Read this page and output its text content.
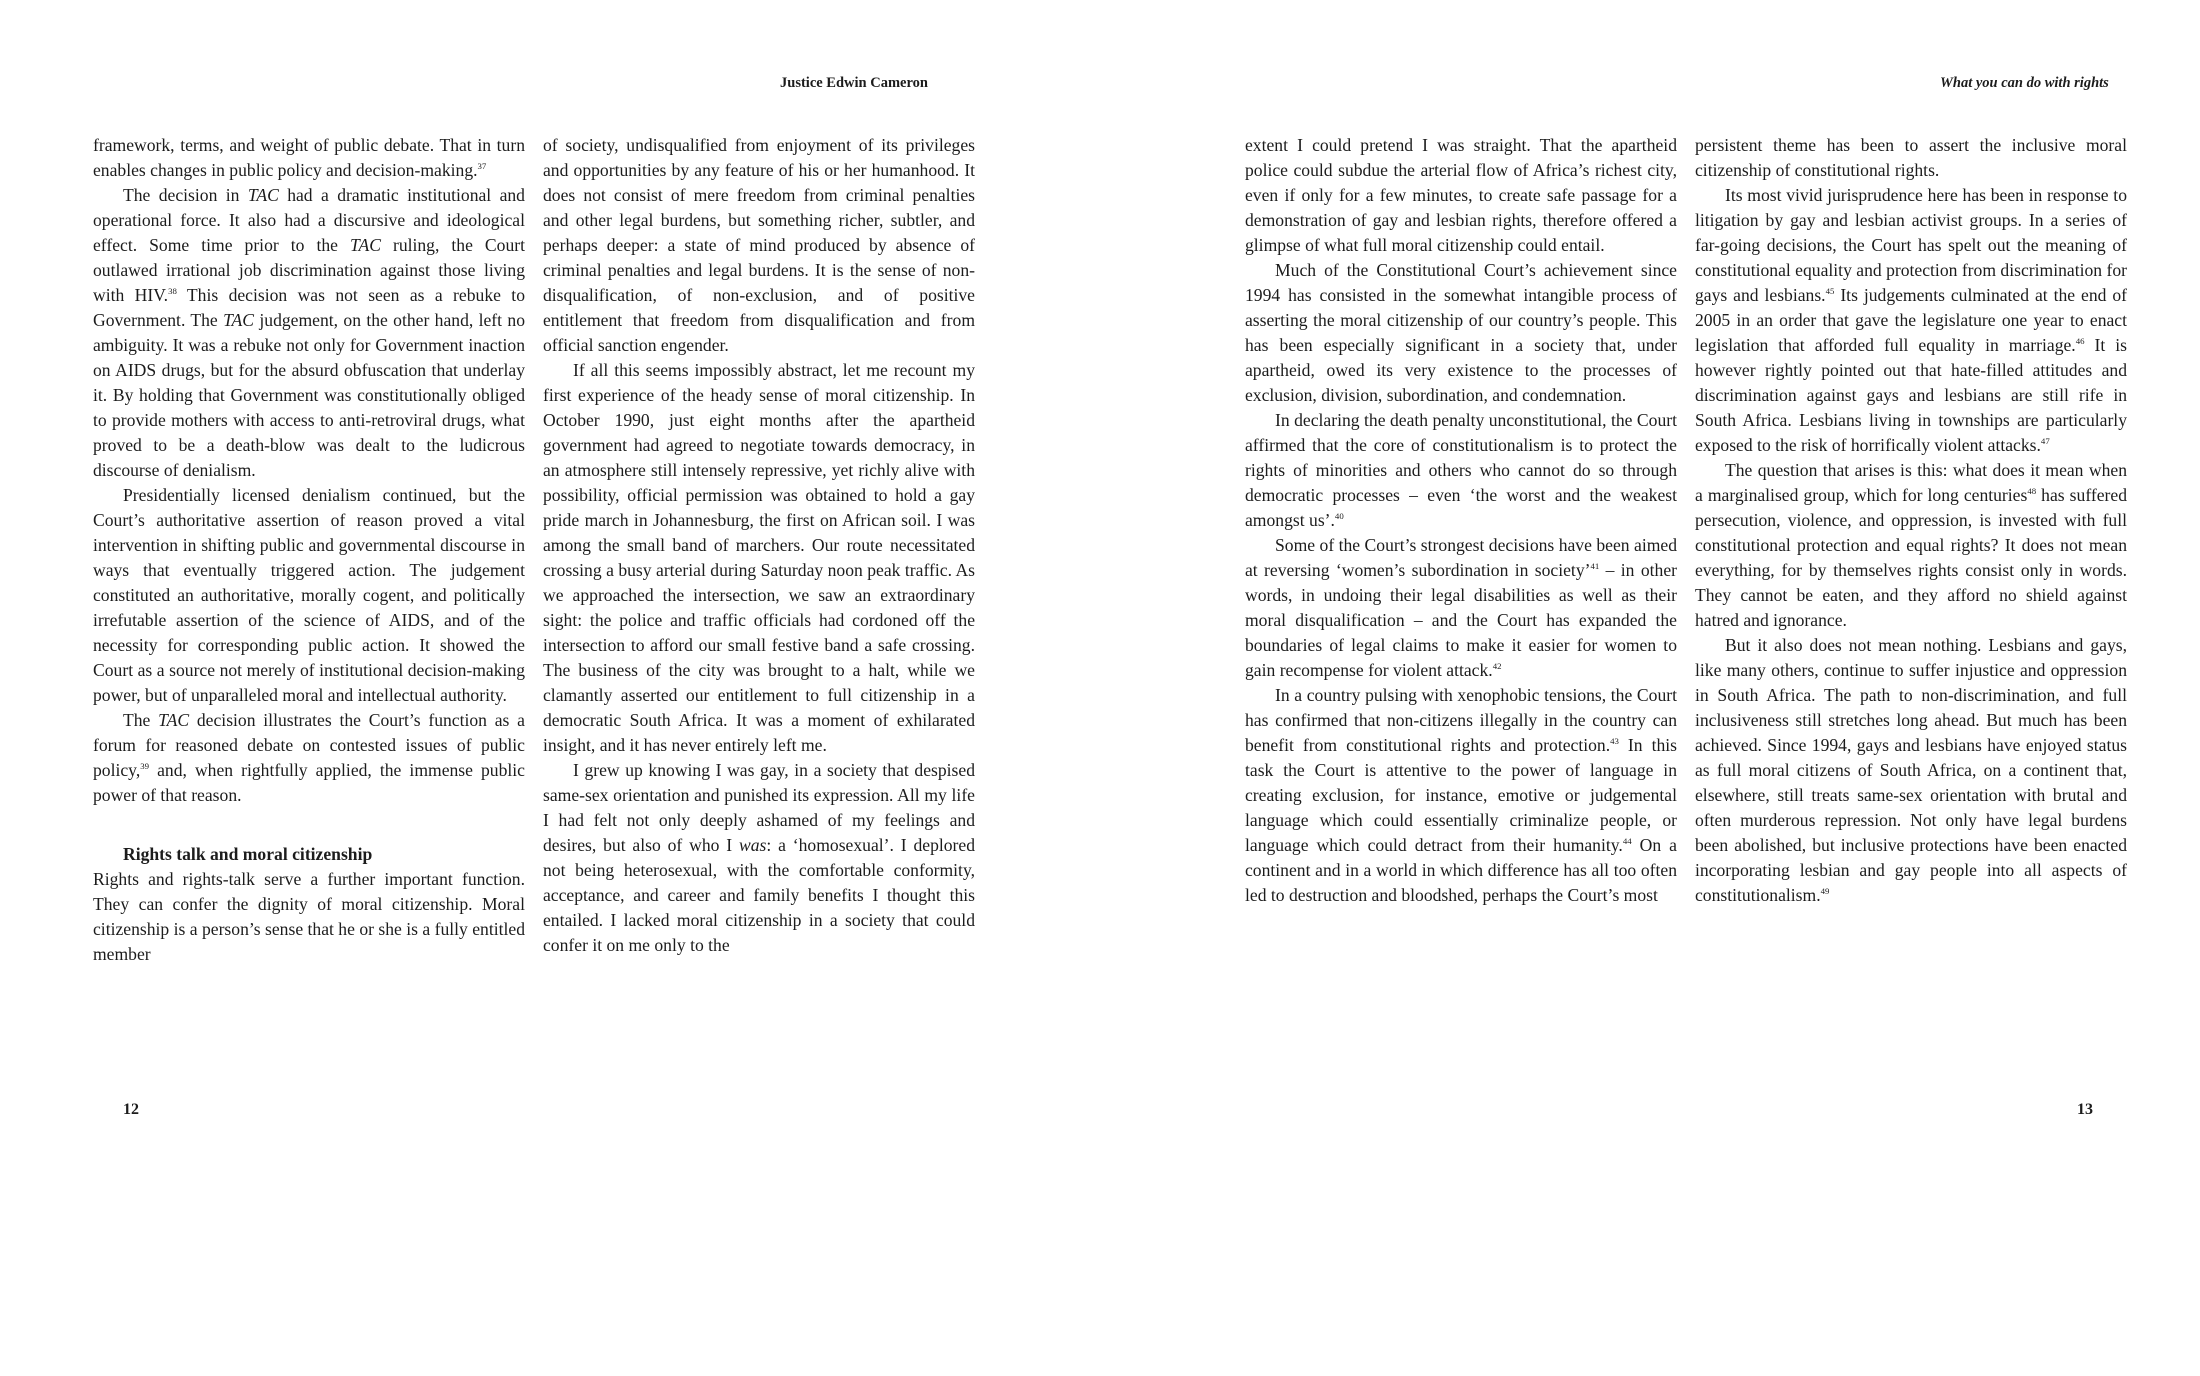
Justice Edwin Cameron

framework, terms, and weight of public debate. That in turn enables changes in public policy and decision-making.$^{37}$

The decision in TAC had a dramatic institutional and operational force. It also had a discursive and ideological effect. Some time prior to the TAC ruling, the Court outlawed irrational job discrimination against those living with HIV.$^{38}$ This decision was not seen as a rebuke to Government. The TAC judgement, on the other hand, left no ambiguity. It was a rebuke not only for Government inaction on AIDS drugs, but for the absurd obfuscation that underlay it. By holding that Government was constitutionally obliged to provide mothers with access to anti-retroviral drugs, what proved to be a death-blow was dealt to the ludicrous discourse of denialism.

Presidentially licensed denialism continued, but the Court’s authoritative assertion of reason proved a vital intervention in shifting public and governmental discourse in ways that eventually triggered action. The judgement constituted an authoritative, morally cogent, and politically irrefutable assertion of the science of AIDS, and of the necessity for corresponding public action. It showed the Court as a source not merely of institutional decision-making power, but of unparalleled moral and intellectual authority.

The TAC decision illustrates the Court’s function as a forum for reasoned debate on contested issues of public policy,$^{39}$ and, when rightfully applied, the immense public power of that reason.

Rights talk and moral citizenship

Rights and rights-talk serve a further important function. They can confer the dignity of moral citizenship. Moral citizenship is a person’s sense that he or she is a fully entitled member

of society, undisqualified from enjoyment of its privileges and opportunities by any feature of his or her humanhood. It does not consist of mere freedom from criminal penalties and other legal burdens, but something richer, subtler, and perhaps deeper: a state of mind produced by absence of criminal penalties and legal burdens. It is the sense of non-disqualification, of non-exclusion, and of positive entitlement that freedom from disqualification and from official sanction engender.

If all this seems impossibly abstract, let me recount my first experience of the heady sense of moral citizenship. In October 1990, just eight months after the apartheid government had agreed to negotiate towards democracy, in an atmosphere still intensely repressive, yet richly alive with possibility, official permission was obtained to hold a gay pride march in Johannesburg, the first on African soil. I was among the small band of marchers. Our route necessitated crossing a busy arterial during Saturday noon peak traffic. As we approached the intersection, we saw an extraordinary sight: the police and traffic officials had cordoned off the intersection to afford our small festive band a safe crossing. The business of the city was brought to a halt, while we clamantly asserted our entitlement to full citizenship in a democratic South Africa. It was a moment of exhilarated insight, and it has never entirely left me.

I grew up knowing I was gay, in a society that despised same-sex orientation and punished its expression. All my life I had felt not only deeply ashamed of my feelings and desires, but also of who I was: a ‘homosexual’. I deplored not being heterosexual, with the comfortable conformity, acceptance, and career and family benefits I thought this entailed. I lacked moral citizenship in a society that could confer it on me only to the

12
What you can do with rights

extent I could pretend I was straight. That the apartheid police could subdue the arterial flow of Africa’s richest city, even if only for a few minutes, to create safe passage for a demonstration of gay and lesbian rights, therefore offered a glimpse of what full moral citizenship could entail.

Much of the Constitutional Court’s achievement since 1994 has consisted in the somewhat intangible process of asserting the moral citizenship of our country’s people. This has been especially significant in a society that, under apartheid, owed its very existence to the processes of exclusion, division, subordination, and condemnation.

In declaring the death penalty unconstitutional, the Court affirmed that the core of constitutionalism is to protect the rights of minorities and others who cannot do so through democratic processes – even ‘the worst and the weakest amongst us’.$^{40}$

Some of the Court’s strongest decisions have been aimed at reversing ‘women’s subordination in society’$^{41}$ – in other words, in undoing their legal disabilities as well as their moral disqualification – and the Court has expanded the boundaries of legal claims to make it easier for women to gain recompense for violent attack.$^{42}$

In a country pulsing with xenophobic tensions, the Court has confirmed that non-citizens illegally in the country can benefit from constitutional rights and protection.$^{43}$ In this task the Court is attentive to the power of language in creating exclusion, for instance, emotive or judgemental language which could essentially criminalize people, or language which could detract from their humanity.$^{44}$ On a continent and in a world in which difference has all too often led to destruction and bloodshed, perhaps the Court’s most

persistent theme has been to assert the inclusive moral citizenship of constitutional rights.

Its most vivid jurisprudence here has been in response to litigation by gay and lesbian activist groups. In a series of far-going decisions, the Court has spelt out the meaning of constitutional equality and protection from discrimination for gays and lesbians.$^{45}$ Its judgements culminated at the end of 2005 in an order that gave the legislature one year to enact legislation that afforded full equality in marriage.$^{46}$ It is however rightly pointed out that hate-filled attitudes and discrimination against gays and lesbians are still rife in South Africa. Lesbians living in townships are particularly exposed to the risk of horrifically violent attacks.$^{47}$

The question that arises is this: what does it mean when a marginalised group, which for long centuries$^{48}$ has suffered persecution, violence, and oppression, is invested with full constitutional protection and equal rights? It does not mean everything, for by themselves rights consist only in words. They cannot be eaten, and they afford no shield against hatred and ignorance.

But it also does not mean nothing. Lesbians and gays, like many others, continue to suffer injustice and oppression in South Africa. The path to non-discrimination, and full inclusiveness still stretches long ahead. But much has been achieved. Since 1994, gays and lesbians have enjoyed status as full moral citizens of South Africa, on a continent that, elsewhere, still treats same-sex orientation with brutal and often murderous repression. Not only have legal burdens been abolished, but inclusive protections have been enacted incorporating lesbian and gay people into all aspects of constitutionalism.$^{49}$

13
